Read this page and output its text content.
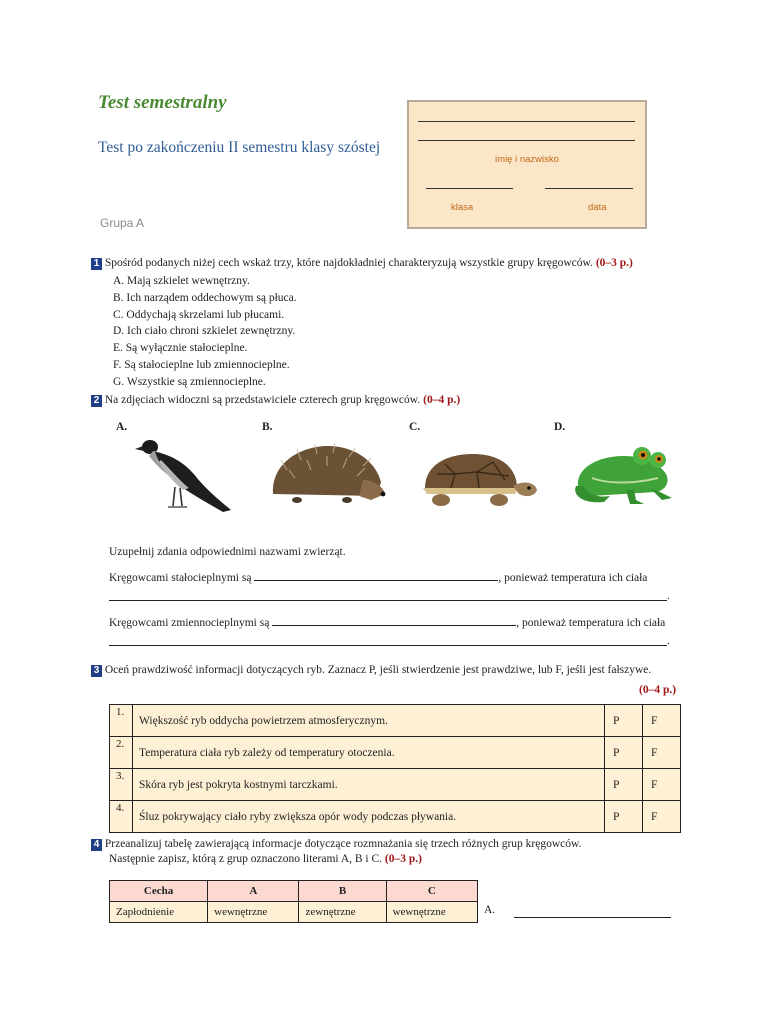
Test semestralny
Test po zakończeniu II semestru klasy szóstej
Grupa A
imię i nazwisko
klasa	data
1 Spośród podanych niżej cech wskaż trzy, które najdokładniej charakteryzują wszystkie grupy kręgowców. (0–3 p.)
A. Mają szkielet wewnętrzny.
B. Ich narządem oddechowym są płuca.
C. Oddychają skrzelami lub płucami.
D. Ich ciało chroni szkielet zewnętrzny.
E. Są wyłącznie stałocieplne.
F. Są stałocieplne lub zmiennocieplne.
G. Wszystkie są zmiennocieplne.
2 Na zdjęciach widoczni są przedstawiciele czterech grup kręgowców. (0–4 p.)
A.	B.	C.	D.
Uzupełnij zdania odpowiednimi nazwami zwierząt.
Kręgowcami stałocieplnymi są	, ponieważ temperatura ich ciała
.
Kręgowcami zmiennocieplnymi są	, ponieważ temperatura ich ciała
.
3 Oceń prawdziwość informacji dotyczących ryb. Zaznacz P, jeśli stwierdzenie jest prawdziwe, lub F, jeśli jest fałszywe.
(0–4 p.)
1.	Większość ryb oddycha powietrzem atmosferycznym.	P	F
2.	Temperatura ciała ryb zależy od temperatury otoczenia.	P	F
3.	Skóra ryb jest pokryta kostnymi tarczkami.	P	F
4.	Śluz pokrywający ciało ryby zwiększa opór wody podczas pływania.	P	F
4 Przeanalizuj tabelę zawierającą informacje dotyczące rozmnażania się trzech różnych grup kręgowców.
Następnie zapisz, którą z grup oznaczono literami A, B i C. (0–3 p.)
Cecha	A	B	C
Zapłodnienie	wewnętrzne	zewnętrzne	wewnętrzne	A.
